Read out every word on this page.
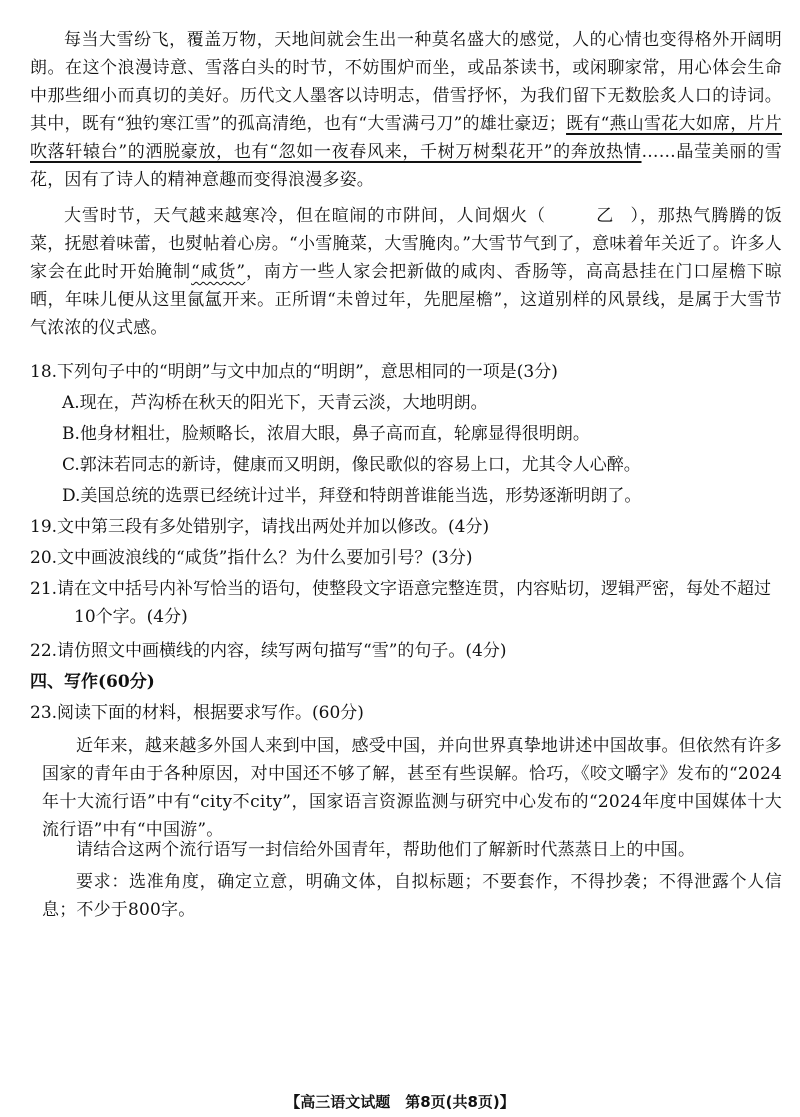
每当大雪纷飞，覆盖万物，天地间就会生出一种莫名盛大的感觉，人的心情也变得格外开阔明朗。在这个浪漫诗意、雪落白头的时节，不妨围炉而坐，或品茶读书，或闲聊家常，用心体会生命中那些细小而真切的美好。历代文人墨客以诗明志，借雪抒怀，为我们留下无数脍炙人口的诗词。其中，既有“独钓寒江雪”的孤高清绝，也有“大雪满弓刀”的雄壮豪迈；既有“燕山雪花大如席，片片吹落轩辕台”的洒脱豪放，也有“忽如一夜春风来，千树万树梨花开”的奔放热情……晶莹美丽的雪花，因有了诗人的精神意趣而变得浪漫多姿。
大雪时节，天气越来越寒冷，但在暄闹的市阱间，人间烟火（	乙 ），那热气腾腾的饭菜，抚慰着味蕾，也熨帖着心房。“小雪腌菜，大雪腌肉。”大雪节气到了，意味着年关近了。许多人家会在此时开始腌制“咸货”，南方一些人家会把新做的咸肉、香肠等，高高悬挂在门口屋檐下晾晒，年味儿便从这里氤氲开来。正所谓“未曾过年，先肥屋檐”，这道别样的风景线，是属于大雪节气浓浓的仪式感。
18.下列句子中的“明朗”与文中加点的“明朗”，意思相同的一项是(3分)
A.现在，芦沟桥在秋天的阳光下，天青云淡，大地明朗。
B.他身材粗壮，脸颊略长，浓眉大眼，鼻子高而直，轮廓显得很明朗。
C.郭沫若同志的新诗，健康而又明朗，像民歌似的容易上口，尤其令人心醉。
D.美国总统的选票已经统计过半，拜登和特朗普谁能当选，形势逐渐明朗了。
19.文中第三段有多处错别字，请找出两处并加以修改。(4分)
20.文中画波浪线的“咸货”指什么？为什么要加引号？(3分)
21.请在文中括号内补写恰当的语句，使整段文字语意完整连贯，内容贴切，逻辑严密，每处不超过10个字。(4分)
22.请仿照文中画横线的内容，续写两句描写“雪”的句子。(4分)
四、写作(60分)
23.阅读下面的材料，根据要求写作。(60分)
近年来，越来越多外国人来到中国，感受中国，并向世界真挚地讲述中国故事。但依然有许多国家的青年由于各种原因，对中国还不够了解，甚至有些误解。恰巧，《咬文嚼字》发布的“2024年十大流行语”中有“city不city”，国家语言资源监测与研究中心发布的“2024年度中国媒体十大流行语”中有“中国游”。
请结合这两个流行语写一封信给外国青年，帮助他们了解新时代蒸蒸日上的中国。
要求：选准角度，确定立意，明确文体，自拟标题；不要套作，不得抄袭；不得泄露个人信息；不少于800字。
【高三语文试题　第8页(共8页)】
